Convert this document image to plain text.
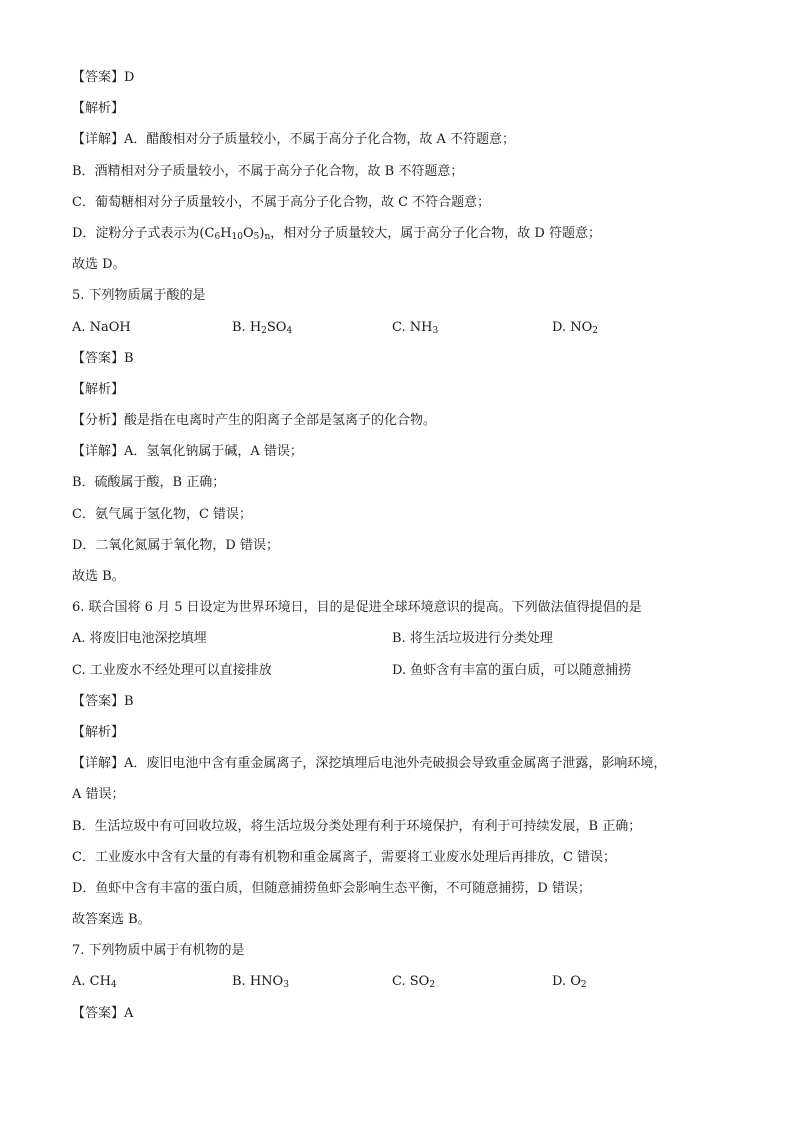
【答案】D
【解析】
【详解】A．醋酸相对分子质量较小，不属于高分子化合物，故 A 不符题意；
B．酒精相对分子质量较小，不属于高分子化合物，故 B 不符题意；
C．葡萄糖相对分子质量较小，不属于高分子化合物，故 C 不符合题意；
D．淀粉分子式表示为$(C_6H_{10}O_5)_n$，相对分子质量较大，属于高分子化合物，故 D 符题意；
故选 D。
5. 下列物质属于酸的是
A. NaOH	B. $H_2SO_4$	C. $NH_3$	D. $NO_2$
【答案】B
【解析】
【分析】酸是指在电离时产生的阳离子全部是氢离子的化合物。
【详解】A．氢氧化钠属于碱，A 错误；
B．硫酸属于酸，B 正确；
C．氨气属于氢化物，C 错误；
D．二氧化氮属于氧化物，D 错误；
故选 B。
6. 联合国将 6 月 5 日设定为世界环境日，目的是促进全球环境意识的提高。下列做法值得提倡的是
A. 将废旧电池深挖填埋	B. 将生活垃圾进行分类处理
C. 工业废水不经处理可以直接排放	D. 鱼虾含有丰富的蛋白质，可以随意捕捞
【答案】B
【解析】
【详解】A．废旧电池中含有重金属离子，深挖填埋后电池外壳破损会导致重金属离子泄露，影响环境，
A 错误；
B．生活垃圾中有可回收垃圾，将生活垃圾分类处理有利于环境保护，有利于可持续发展，B 正确；
C．工业废水中含有大量的有毒有机物和重金属离子，需要将工业废水处理后再排放，C 错误；
D．鱼虾中含有丰富的蛋白质，但随意捕捞鱼虾会影响生态平衡，不可随意捕捞，D 错误；
故答案选 B。
7. 下列物质中属于有机物的是
A. $CH_4$	B. $HNO_3$	C. $SO_2$	D. $O_2$
【答案】A
